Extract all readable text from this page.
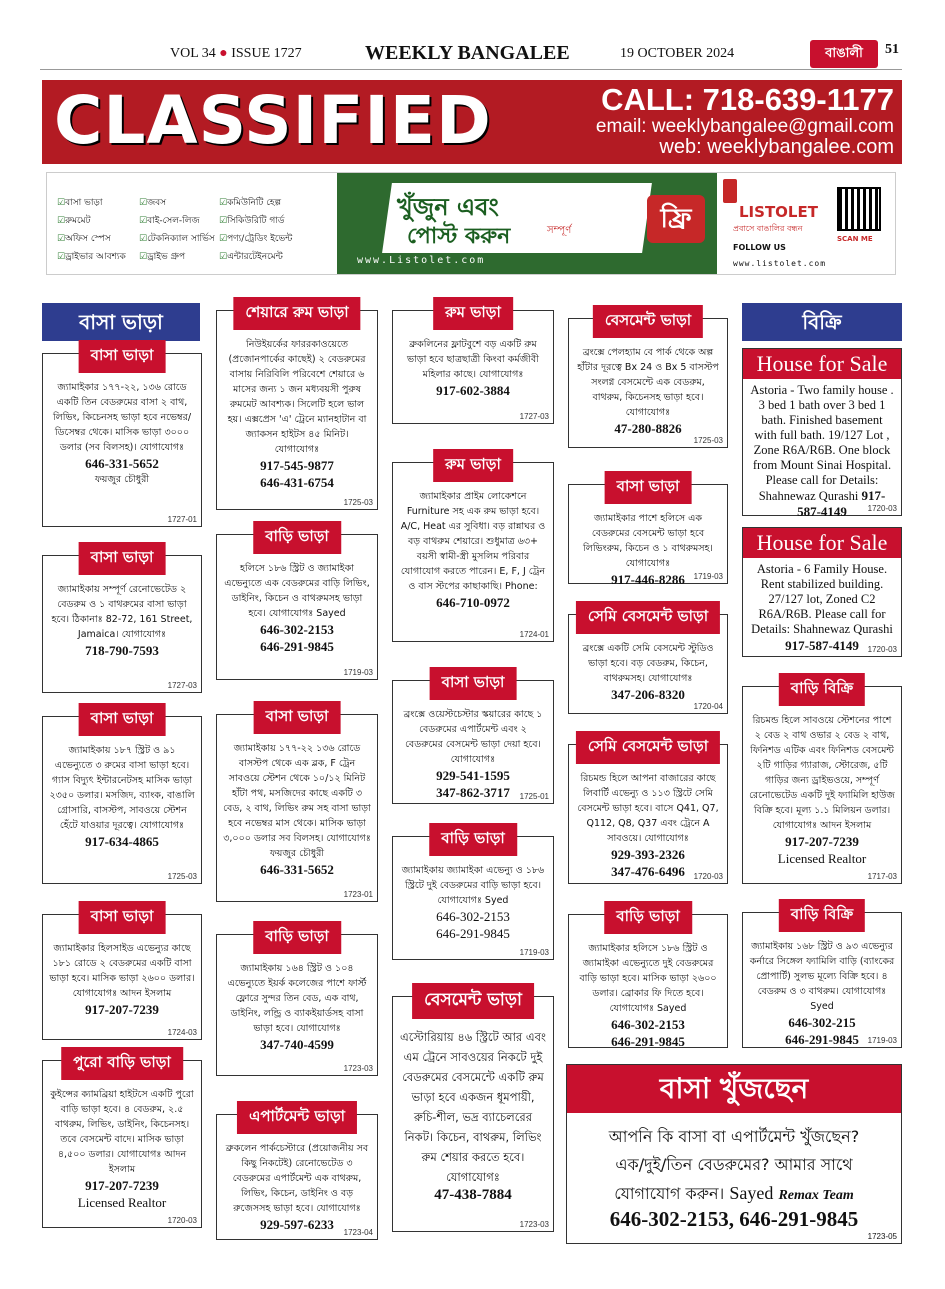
VOL 34 ● ISSUE 1727	WEEKLY BANGALEE	19 OCTOBER 2024	বাঙালী	51
CLASSIFIED	CALL: 718-639-1177
email: weeklybangalee@gmail.com
web: weeklybangalee.com
☑ বাসা ভাড়া
☑ রুমমেট
☑ অফিস স্পেস
☑ ড্রাইভার আবশ্যক
☑ জবস
☑ বাই-সেল-লিজ
☑ টেকনিক্যাল সার্ভিস
☑ ড্রাইভ গ্রুপ
☑ কমিউনিটি হেল্প
☑ সিকিউরিটি গার্ড
☑ পণ্য/ট্রেডিং ইভেন্ট
☑ এন্টারটেইনমেন্ট
খুঁজুন এবং
পোস্ট করুন	সম্পূর্ণ	ফ্রি
www.Listolet.com
LISTOLET
প্রবাসে বাঙালির বন্ধন
FOLLOW US
www.listolet.com
SCAN ME
বাসা ভাড়া	বিক্রি
বাসা ভাড়া
জ্যামাইকার ১৭৭-২২, ১৩৬ রোডে একটি তিন বেডরুমের বাসা ২ বাথ, লিভিং, কিচেনসহ ভাড়া হবে নভেম্বর/ডিসেম্বর থেকে। মাসিক ভাড়া ৩০০০ ডলার (সব বিলসহ)। যোগাযোগঃ
646-331-5652
ফয়জুর চৌধুরী
1727-01
বাসা ভাড়া
জ্যামাইকায় সম্পূর্ণ রেনোভেটেড ২ বেডরুম ও ১ বাথরুমের বাসা ভাড়া হবে। ঠিকানাঃ 82-72, 161 Street, Jamaica। যোগাযোগঃ
718-790-7593
1727-03
বাসা ভাড়া
জ্যামাইকায় ১৮৭ স্ট্রিট ও ৯১ এভেন্যুতে ৩ রুমের বাসা ভাড়া হবে। গ্যাস বিদ্যুৎ ইন্টারনেটসহ মাসিক ভাড়া ২৩৫০ ডলার। মসজিদ, ব্যাংক, বাঙালি গ্রোসারি, বাসস্টপ, সাবওয়ে স্টেশন হেঁটে যাওয়ার দূরত্বে। যোগাযোগঃ
917-634-4865
1725-03
বাসা ভাড়া
জ্যামাইকার হিলসাইড এভেন্যুর কাছে ১৮১ রোডে ২ বেডরুমের একটি বাসা ভাড়া হবে। মাসিক ভাড়া ২৬০০ ডলার। যোগাযোগঃ আদন ইসলাম
917-207-7239
1724-03
পুরো বাড়ি ভাড়া
কুইন্সের ক্যামব্রিয়া হাইটসে একটি পুরো বাড়ি ভাড়া হবে। ৪ বেডরুম, ২.৫ বাথরুম, লিভিং, ডাইনিং, কিচেনসহ। তবে বেসমেন্ট বাদে। মাসিক ভাড়া ৪,৫০০ ডলার। যোগাযোগঃ আদন ইসলাম
917-207-7239
Licensed Realtor
1720-03
শেয়ারে রুম ভাড়া
নিউইয়র্কের ফাররকাওয়েতে (প্রজোনপার্কের কাছেই) ২ বেডরুমের বাসায় নিরিবিলি পরিবেশে শেয়ারে ৬ মাসের জন্য ১ জন মধ্যবয়সী পুরুষ রুমমেট আবশ্যক। সিলেটি হলে ভাল হয়। এক্সপ্রেস 'এ' ট্রেনে ম্যানহাটান বা জ্যাকসন হাইটস ৪৫ মিনিট। যোগাযোগঃ
917-545-9877
646-431-6754
1725-03
বাড়ি ভাড়া
হলিসে ১৮৬ স্ট্রিট ও জ্যামাইকা এভেন্যুতে এক বেডরুমের বাড়ি লিভিং, ডাইনিং, কিচেন ও বাথরুমসহ ভাড়া হবে। যোগাযোগঃ Sayed
646-302-2153
646-291-9845
1719-03
বাসা ভাড়া
জ্যামাইকায় ১৭৭-২২ ১৩৬ রোডে বাসস্টপ থেকে এক ব্লক, F ট্রেন সাবওয়ে স্টেশন থেকে ১০/১২ মিনিট হাঁটা পথ, মসজিদের কাছে একটি ৩ বেড, ২ বাথ, লিভিং রুম সহ বাসা ভাড়া হবে নভেম্বর মাস থেকে। মাসিক ভাড়া ৩,০০০ ডলার সব বিলসহ। যোগাযোগঃ ফয়জুর চৌধুরী
646-331-5652
1723-01
বাড়ি ভাড়া
জ্যামাইকায় ১৬৪ স্ট্রিট ও ১০৪ এভেন্যুতে ইয়র্ক কলেজের পাশে ফার্স্ট ফ্লোরে সুন্দর তিন বেড, এক বাথ, ডাইনিং, লন্ড্রি ও ব্যাকইয়ার্ডসহ বাসা ভাড়া হবে। যোগাযোগঃ
347-740-4599
1723-03
এপার্টমেন্ট ভাড়া
ব্রুকলেন পার্কচেস্টারে (প্রয়োজনীয় সব কিছু নিকটেই) রেনোভেটেড ৩ বেডরুমের এপার্টমেন্ট এক বাথরুম, লিভিং, কিচেন, ডাইনিং ও বড় রুজেসসহ ভাড়া হবে। যোগাযোগঃ
929-597-6233
1723-04
রুম ভাড়া
ব্রুকলিনের ফ্লাটবুশে বড় একটি রুম ভাড়া হবে ছাত্রছাত্রী কিংবা কর্মজীবী মহিলার কাছে। যোগাযোগঃ
917-602-3884
1727-03
রুম ভাড়া
জ্যামাইকার প্রাইম লোকেশনে Furniture সহ এক রুম ভাড়া হবে। A/C, Heat এর সুবিধা। বড় রান্নাঘর ও বড় বাথরুম শেয়ারে। শুধুমাত্র ৬৩+ বয়সী স্বামী-স্ত্রী মুসলিম পরিবার যোগাযোগ করতে পারেন। E, F, J ট্রেন ও বাস স্টপের কাছাকাছি। Phone:
646-710-0972
1724-01
বাসা ভাড়া
ব্রংক্সে ওয়েস্টচেস্টার স্কয়ারের কাছে ১ বেডরুমের এপার্টমেন্ট এবং ২ বেডরুমের বেসমেন্ট ভাড়া দেয়া হবে। যোগাযোগঃ
929-541-1595
347-862-3717	1725-01
বাড়ি ভাড়া
জ্যামাইকায় জ্যামাইকা এভেন্যু ও ১৮৬ স্ট্রিটে দুই বেডরুমের বাড়ি ভাড়া হবে। যোগাযোগঃ Syed
646-302-2153
646-291-9845
1719-03
বেসমেন্ট ভাড়া
এস্টোরিয়ায় ৪৬ স্ট্রিটে আর এবং এম ট্রেনে সাবওয়ের নিকটে দুই বেডরুমের বেসমেন্টে একটি রুম ভাড়া হবে একজন ধূমপায়ী, রুচি-শীল, ভদ্র ব্যাচেলরের নিকট। কিচেন, বাথরুম, লিভিং রুম শেয়ার করতে হবে। যোগাযোগঃ
47-438-7884
1723-03
বেসমেন্ট ভাড়া
ব্রংক্সে পেলহ্যাম বে পার্ক থেকে অল্প হাঁটার দূরত্বে Bx 24 ও Bx 5 বাসস্টপ সংলগ্ন বেসমেন্টে এক বেডরুম, বাথরুম, কিচেনসহ ভাড়া হবে। যোগাযোগঃ
47-280-8826
1725-03
বাসা ভাড়া
জ্যামাইকার পাশে হলিসে এক বেডরুমের বেসমেন্ট ভাড়া হবে লিভিংরুম, কিচেন ও ১ বাথরুমসহ। যোগাযোগঃ
917-446-8286	1719-03
সেমি বেসমেন্ট ভাড়া
ব্রংক্সে একটি সেমি বেসমেন্ট স্টুডিও ভাড়া হবে। বড় বেডরুম, কিচেন, বাথরুমসহ। যোগাযোগঃ
347-206-8320
1720-04
সেমি বেসমেন্ট ভাড়া
রিচমন্ড হিলে আপনা বাজারের কাছে লিবার্টি এভেন্যু ও ১১৩ স্ট্রিটে সেমি বেসমেন্ট ভাড়া হবে। বাসে Q41, Q7, Q112, Q8, Q37 এবং ট্রেনে A সাবওয়ে। যোগাযোগঃ
929-393-2326
347-476-6496	1720-03
বাড়ি ভাড়া
জ্যামাইকার হলিসে ১৮৬ স্ট্রিট ও জ্যামাইকা এভেন্যুতে দুই বেডরুমের বাড়ি ভাড়া হবে। মাসিক ভাড়া ২৬০০ ডলার। ব্রোকার ফি দিতে হবে। যোগাযোগঃ Sayed
646-302-2153
646-291-9845
House for Sale
Astoria - Two family house . 3 bed 1 bath over 3 bed 1 bath. Finished basement with full bath. 19/127 Lot , Zone R6A/R6B. One block from Mount Sinai Hospital. Please call for Details: Shahnewaz Qurashi 917-587-4149	1720-03
House for Sale
Astoria - 6 Family House. Rent stabilized building. 27/127 lot, Zoned C2 R6A/R6B. Please call for Details: Shahnewaz Qurashi
917-587-4149	1720-03
বাড়ি বিক্রি
রিচমন্ড হিলে সাবওয়ে স্টেশনের পাশে ২ বেড ২ বাথ ওভার ২ বেড ২ বাথ, ফিনিশড এটিক এবং ফিনিশড বেসমেন্ট ২টি গাড়ির গ্যারাজ, স্টোরেজ, ৫টি গাড়ির জন্য ড্রাইভওয়ে, সম্পূর্ণ রেনোভেটেড একটি দুই ফ্যামিলি হাউজ বিক্রি হবে। মূল্য ১.১ মিলিয়ন ডলার। যোগাযোগঃ আদন ইসলাম
917-207-7239
Licensed Realtor
1717-03
বাড়ি বিক্রি
জ্যামাইকায় ১৬৮ স্ট্রিট ও ৯৩ এভেন্যুর কর্নারে সিঙ্গেল ফ্যামিলি বাড়ি (ব্যাংকের প্রোপার্টি) সুলভ মূল্যে বিক্রি হবে। ৪ বেডরুম ও ৩ বাথরুম। যোগাযোগঃ Syed
646-302-215
646-291-9845	1719-03
বাসা খুঁজছেন
আপনি কি বাসা বা এপার্টমেন্ট খুঁজছেন?
এক/দুই/তিন বেডরুমের? আমার সাথে
যোগাযোগ করুন। Sayed Remax Team
646-302-2153, 646-291-9845
1723-05
